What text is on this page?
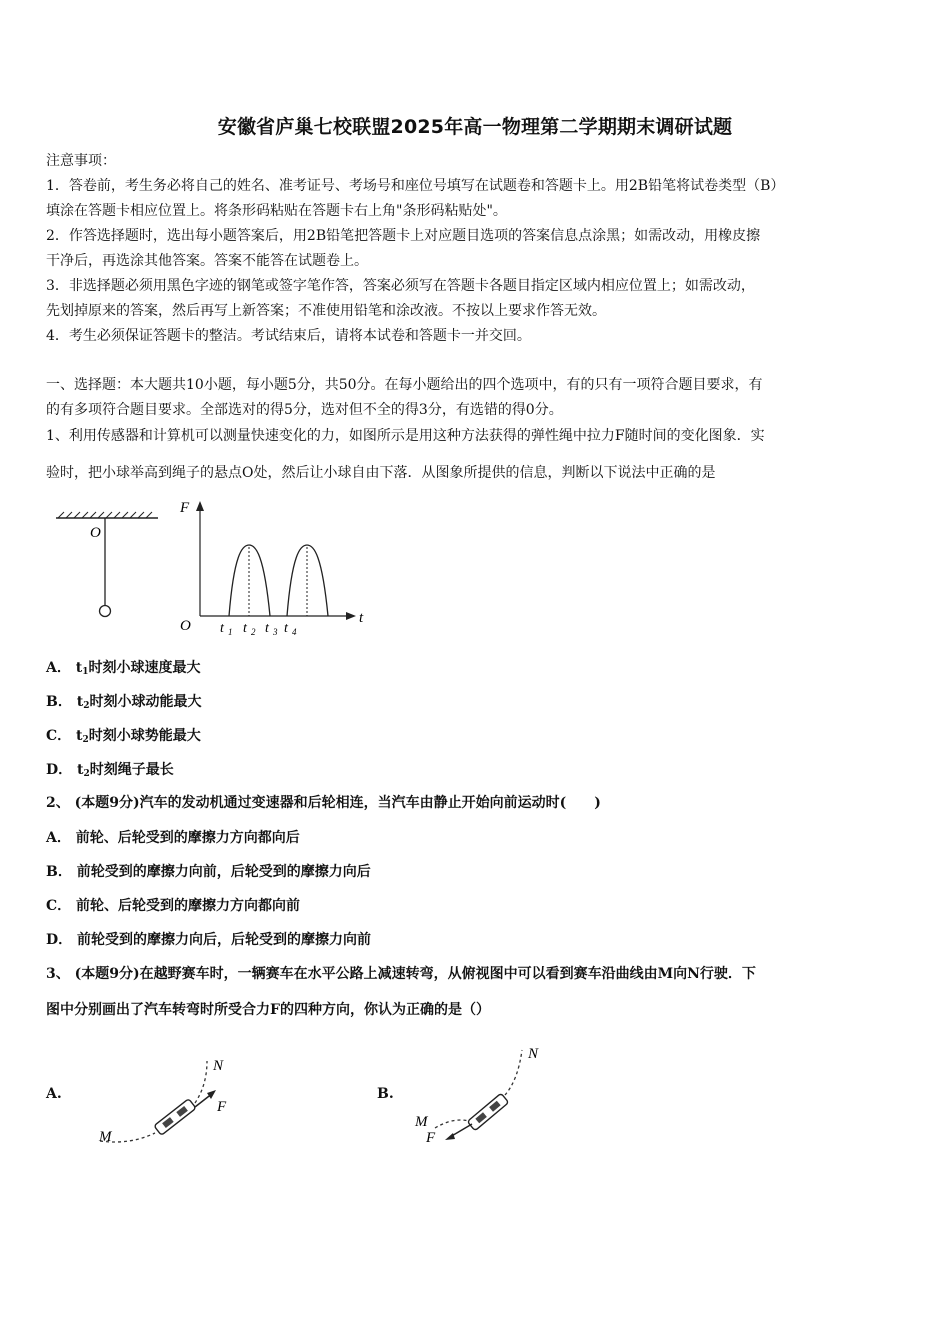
安徽省庐巢七校联盟2025年高一物理第二学期期末调研试题
注意事项：
1．答卷前，考生务必将自己的姓名、准考证号、考场号和座位号填写在试题卷和答题卡上。用2B铅笔将试卷类型（B）
填涂在答题卡相应位置上。将条形码粘贴在答题卡右上角"条形码粘贴处"。
2．作答选择题时，选出每小题答案后，用2B铅笔把答题卡上对应题目选项的答案信息点涂黑；如需改动，用橡皮擦
干净后，再选涂其他答案。答案不能答在试题卷上。
3．非选择题必须用黑色字迹的钢笔或签字笔作答，答案必须写在答题卡各题目指定区域内相应位置上；如需改动，
先划掉原来的答案，然后再写上新答案；不准使用铅笔和涂改液。不按以上要求作答无效。
4．考生必须保证答题卡的整洁。考试结束后，请将本试卷和答题卡一并交回。
一、选择题：本大题共10小题，每小题5分，共50分。在每小题给出的四个选项中，有的只有一项符合题目要求，有
的有多项符合题目要求。全部选对的得5分，选对但不全的得3分，有选错的得0分。
1、利用传感器和计算机可以测量快速变化的力，如图所示是用这种方法获得的弹性绳中拉力F随时间的变化图象．实
验时，把小球举高到绳子的悬点O处，然后让小球自由下落．从图象所提供的信息，判断以下说法中正确的是
O
F
t
O t 1 t 2 t 3 t 4
A． $t_1$时刻小球速度最大
B． $t_2$时刻小球动能最大
C． $t_2$时刻小球势能最大
D． $t_2$时刻绳子最长
2、 (本题9分)汽车的发动机通过变速器和后轮相连，当汽车由静止开始向前运动时(　　)
A． 前轮、后轮受到的摩擦力方向都向后
B． 前轮受到的摩擦力向前，后轮受到的摩擦力向后
C． 前轮、后轮受到的摩擦力方向都向前
D． 前轮受到的摩擦力向后，后轮受到的摩擦力向前
3、 (本题9分)在越野赛车时，一辆赛车在水平公路上减速转弯，从俯视图中可以看到赛车沿曲线由M向N行驶．下
图中分别画出了汽车转弯时所受合力F的四种方向，你认为正确的是（）
A.
N
F
M
B.
N
M
F
